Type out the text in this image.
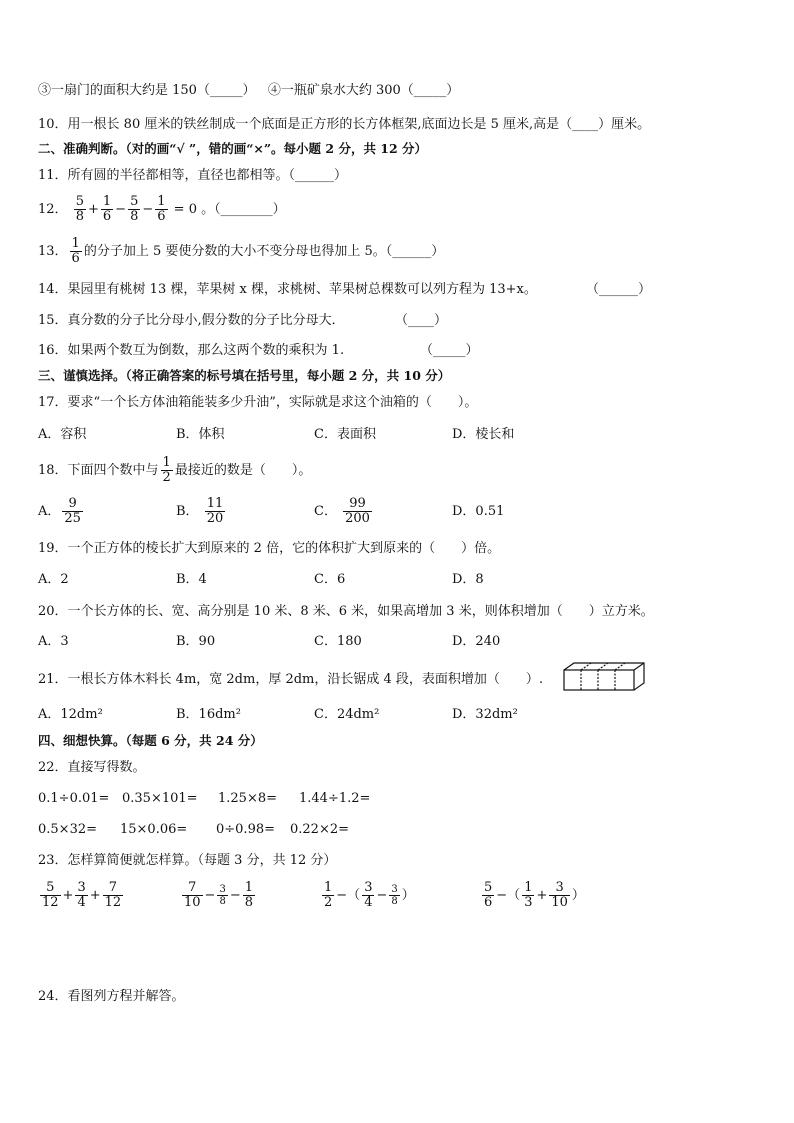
③一扇门的面积大约是 150（_____） ④一瓶矿泉水大约 300（_____）
10．用一根长 80 厘米的铁丝制成一个底面是正方形的长方体框架,底面边长是 5 厘米,高是（____）厘米。
二、准确判断。（对的画“√ ”，错的画“×”。每小题 2 分，共 12 分）
11．所有圆的半径都相等，直径也都相等。（______）
12． $\frac{5}{8} + \frac{1}{6} - \frac{5}{8} - \frac{1}{6} = 0$ 。（________）
13． $\frac{1}{6}$ 的分子加上 5 要使分数的大小不变分母也得加上 5。（______）
14．果园里有桃树 13 棵，苹果树 x 棵，求桃树、苹果树总棵数可以列方程为 13+x。	（______）
15．真分数的分子比分母小,假分数的分子比分母大．	（____）
16．如果两个数互为倒数，那么这两个数的乘积为 1.	（_____）
三、谨慎选择。（将正确答案的标号填在括号里，每小题 2 分，共 10 分）
17．要求“一个长方体油箱能装多少升油”，实际就是求这个油箱的（　　）。
A．容积	B．体积	C．表面积	D．棱长和
18．下面四个数中与 $\frac{1}{2}$ 最接近的数是（　　）。
A． $\frac{9}{25}$	B． $\frac{11}{20}$	C． $\frac{99}{200}$	D．0.51
19．一个正方体的棱长扩大到原来的 2 倍，它的体积扩大到原来的（　　）倍。
A．2	B．4	C．6	D．8
20．一个长方体的长、宽、高分别是 10 米、8 米、6 米，如果高增加 3 米，则体积增加（　　）立方米。
A．3	B．90	C．180	D．240
21．一根长方体木料长 4m，宽 2dm，厚 2dm，沿长锯成 4 段，表面积增加（　　）.
A．12dm²	B．16dm²	C．24dm²	D．32dm²
四、细想快算。（每题 6 分，共 24 分）
22．直接写得数。
0.1÷0.01= 0.35×101= 1.25×8= 1.44÷1.2=
0.5×32= 15×0.06= 0÷0.98= 0.22×2=
23．怎样算简便就怎样算。（每题 3 分，共 12 分）
$\frac{5}{12} + \frac{3}{4} + \frac{7}{12}$	$\frac{7}{10} - \frac{3}{8} - \frac{1}{8}$	$\frac{1}{2}$ −（ $\frac{3}{4} - \frac{3}{8}$ ）	$\frac{5}{6}$ −（ $\frac{1}{3} + \frac{3}{10}$ ）
24．看图列方程并解答。
